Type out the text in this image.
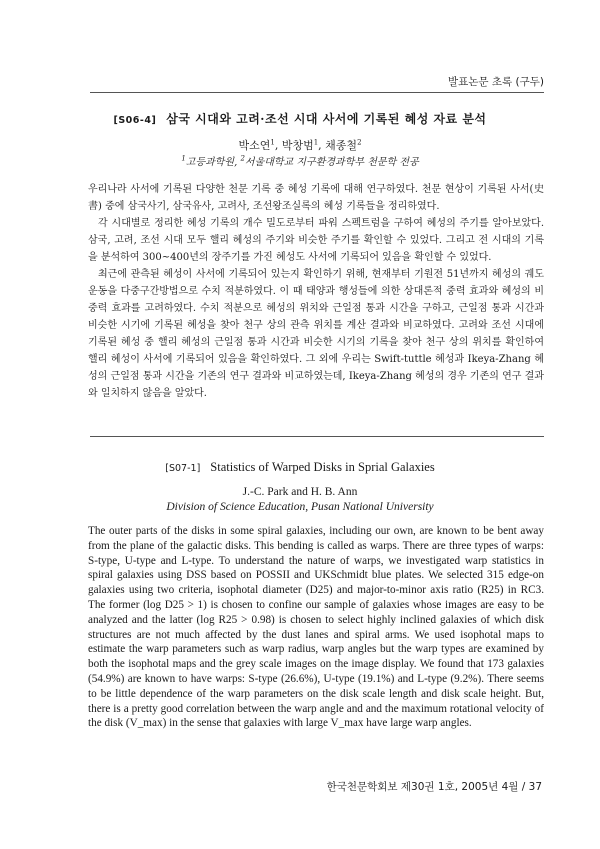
발표논문 초록 (구두)
[S06-4] 삼국 시대와 고려·조선 시대 사서에 기록된 혜성 자료 분석
박소연$^1$, 박창범$^1$, 채종철$^2$
$^1$고등과학원, $^2$서울대학교 지구환경과학부 천문학 전공

우리나라 사서에 기록된 다양한 천문 기록 중 혜성 기록에 대해 연구하였다. 천문 현상이 기록된 사서(史書) 중에 삼국사기, 삼국유사, 고려사, 조선왕조실록의 혜성 기록들을 정리하였다.

각 시대별로 정리한 혜성 기록의 개수 밀도로부터 파워 스펙트럼을 구하여 혜성의 주기를 알아보았다. 삼국, 고려, 조선 시대 모두 핼리 혜성의 주기와 비슷한 주기를 확인할 수 있었다. 그리고 전 시대의 기록을 분석하여 300~400년의 장주기를 가진 혜성도 사서에 기록되어 있음을 확인할 수 있었다.

최근에 관측된 혜성이 사서에 기록되어 있는지 확인하기 위해, 현재부터 기원전 51년까지 혜성의 궤도 운동을 다중구간방법으로 수치 적분하였다. 이 때 태양과 행성들에 의한 상대론적 중력 효과와 혜성의 비중력 효과를 고려하였다. 수치 적분으로 혜성의 위치와 근일점 통과 시간을 구하고, 근일점 통과 시간과 비슷한 시기에 기록된 혜성을 찾아 천구 상의 관측 위치를 계산 결과와 비교하였다. 고려와 조선 시대에 기록된 혜성 중 핼리 혜성의 근일점 통과 시간과 비슷한 시기의 기록을 찾아 천구 상의 위치를 확인하여 핼리 혜성이 사서에 기록되어 있음을 확인하였다. 그 외에 우리는 Swift-tuttle 혜성과 Ikeya-Zhang 혜성의 근일점 통과 시간을 기존의 연구 결과와 비교하였는데, Ikeya-Zhang 혜성의 경우 기존의 연구 결과와 일치하지 않음을 알았다.

[S07-1] Statistics of Warped Disks in Sprial Galaxies
J.-C. Park and H. B. Ann
Division of Science Education, Pusan National University

The outer parts of the disks in some spiral galaxies, including our own, are known to be bent away from the plane of the galactic disks. This bending is called as warps. There are three types of warps: S-type, U-type and L-type. To understand the nature of warps, we investigated warp statistics in spiral galaxies using DSS based on POSSII and UKSchmidt blue plates. We selected 315 edge-on galaxies using two criteria, isophotal diameter (D25) and major-to-minor axis ratio (R25) in RC3. The former (log D25 > 1) is chosen to confine our sample of galaxies whose images are easy to be analyzed and the latter (log R25 > 0.98) is chosen to select highly inclined galaxies of which disk structures are not much affected by the dust lanes and spiral arms. We used isophotal maps to estimate the warp parameters such as warp radius, warp angles but the warp types are examined by both the isophotal maps and the grey scale images on the image display. We found that 173 galaxies (54.9%) are known to have warps: S-type (26.6%), U-type (19.1%) and L-type (9.2%). There seems to be little dependence of the warp parameters on the disk scale length and disk scale height. But, there is a pretty good correlation between the warp angle and and the maximum rotational velocity of the disk (V_max) in the sense that galaxies with large V_max have large warp angles.

한국천문학회보 제30권 1호, 2005년 4월 / 37
